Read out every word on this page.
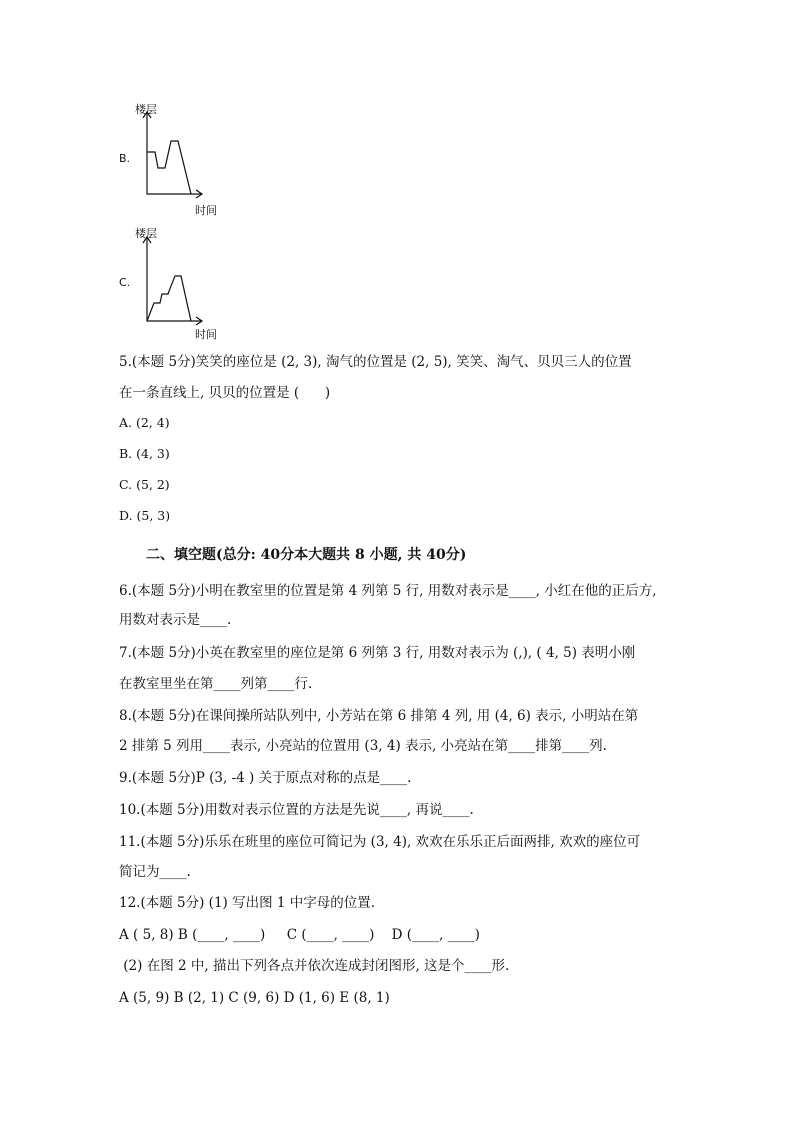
楼层
B.
时间
楼层
C.
时间
5.(本题 5分)笑笑的座位是 (2, 3), 淘气的位置是 (2, 5), 笑笑、淘气、贝贝三人的位置
在一条直线上, 贝贝的位置是 (      )
A. (2, 4)
B. (4, 3)
C. (5, 2)
D. (5, 3)
二、填空题(总分: 40分本大题共 8 小题, 共 40分)
6.(本题 5分)小明在教室里的位置是第 4 列第 5 行, 用数对表示是____, 小红在他的正后方,
用数对表示是____.
7.(本题 5分)小英在教室里的座位是第 6 列第 3 行, 用数对表示为 (,), ( 4, 5) 表明小刚
在教室里坐在第____列第____行.
8.(本题 5分)在课间操所站队列中, 小芳站在第 6 排第 4 列, 用 (4, 6) 表示, 小明站在第
2 排第 5 列用____表示, 小亮站的位置用 (3, 4) 表示, 小亮站在第____排第____列.
9.(本题 5分)P (3, -4 ) 关于原点对称的点是____.
10.(本题 5分)用数对表示位置的方法是先说____, 再说____.
11.(本题 5分)乐乐在班里的座位可简记为 (3, 4), 欢欢在乐乐正后面两排, 欢欢的座位可
简记为____.
12.(本题 5分) (1) 写出图 1 中字母的位置.
A ( 5, 8) B (____, ____)     C (____, ____)    D (____, ____)
(2) 在图 2 中, 描出下列各点并依次连成封闭图形, 这是个____形.
A (5, 9) B (2, 1) C (9, 6) D (1, 6) E (8, 1)
